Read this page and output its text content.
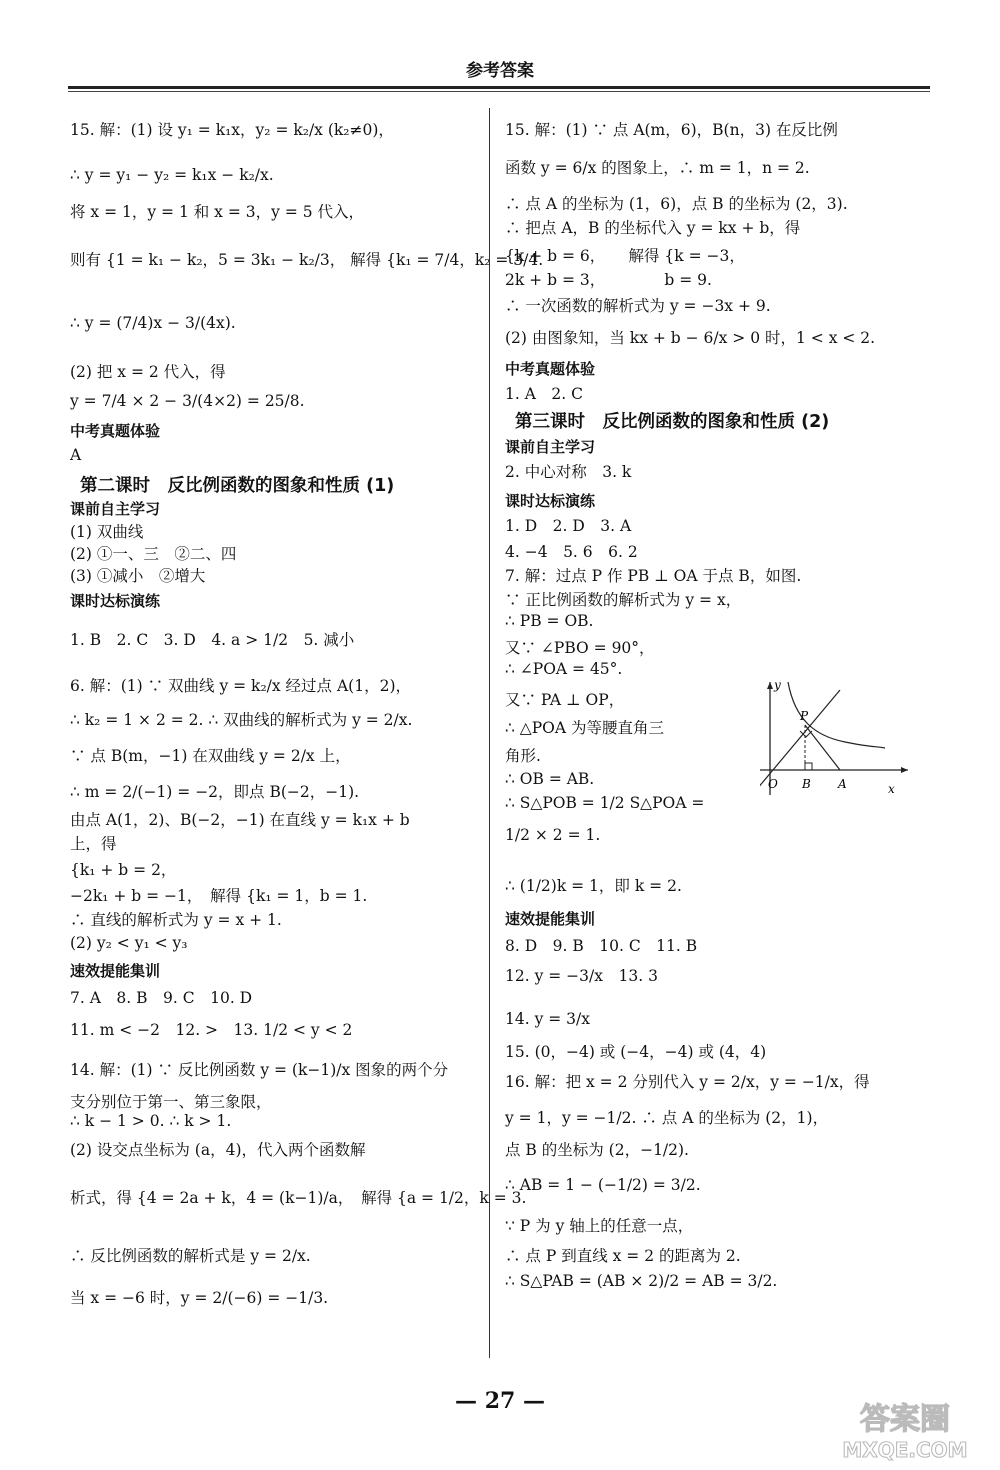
参考答案
15. 解：(1) 设 y₁ = k₁x，y₂ = k₂/x (k₂≠0)，
∴ y = y₁ − y₂ = k₁x − k₂/x.
将 x = 1，y = 1 和 x = 3，y = 5 代入，
则有 {1 = k₁ − k₂，5 = 3k₁ − k₂/3， 解得 {k₁ = 7/4，k₂ = 3/4.
∴ y = (7/4)x − 3/(4x).
(2) 把 x = 2 代入，得
y = 7/4 × 2 − 3/(4×2) = 25/8.
中考真题体验
A
第二课时　反比例函数的图象和性质 (1)
课前自主学习
(1) 双曲线
(2) ①一、三　②二、四
(3) ①减小　②增大
课时达标演练
1. B　2. C　3. D　4. a > 1/2　5. 减小
6. 解：(1) ∵ 双曲线 y = k₂/x 经过点 A(1，2)，
∴ k₂ = 1 × 2 = 2. ∴ 双曲线的解析式为 y = 2/x.
∵ 点 B(m，−1) 在双曲线 y = 2/x 上，
∴ m = 2/(−1) = −2，即点 B(−2，−1).
由点 A(1，2)、B(−2，−1) 在直线 y = k₁x + b
上，得
{k₁ + b = 2，
−2k₁ + b = −1，　解得 {k₁ = 1，b = 1.
∴ 直线的解析式为 y = x + 1.
(2) y₂ < y₁ < y₃
速效提能集训
7. A　8. B　9. C　10. D
11. m < −2　12. >　13. 1/2 < y < 2
14. 解：(1) ∵ 反比例函数 y = (k−1)/x 图象的两个分
支分别位于第一、第三象限，
∴ k − 1 > 0. ∴ k > 1.
(2) 设交点坐标为 (a，4)，代入两个函数解
析式，得 {4 = 2a + k，4 = (k−1)/a，　解得 {a = 1/2，k = 3.
∴ 反比例函数的解析式是 y = 2/x.
当 x = −6 时，y = 2/(−6) = −1/3.
15. 解：(1) ∵ 点 A(m，6)，B(n，3) 在反比例
函数 y = 6/x 的图象上，∴ m = 1，n = 2.
∴ 点 A 的坐标为 (1，6)，点 B 的坐标为 (2，3).
∴ 把点 A，B 的坐标代入 y = kx + b，得
{k + b = 6，　　解得 {k = −3，
2k + b = 3，　　　　 b = 9.
∴ 一次函数的解析式为 y = −3x + 9.
(2) 由图象知，当 kx + b − 6/x > 0 时，1 < x < 2.
中考真题体验
1. A　2. C
第三课时　反比例函数的图象和性质 (2)
课前自主学习
2. 中心对称　3. k
课时达标演练
1. D　2. D　3. A
4. −4　5. 6　6. 2
7. 解：过点 P 作 PB ⊥ OA 于点 B，如图.
∵ 正比例函数的解析式为 y = x，
∴ PB = OB.
又∵ ∠PBO = 90°，
∴ ∠POA = 45°.
又∵ PA ⊥ OP，
∴ △POA 为等腰直角三
角形.
∴ OB = AB.
∴ S△POB = 1/2 S△POA =
1/2 × 2 = 1.
∴ (1/2)k = 1，即 k = 2.
速效提能集训
8. D　9. B　10. C　11. B
12. y = −3/x　13. 3
14. y = 3/x
15. (0，−4) 或 (−4，−4) 或 (4，4)
16. 解：把 x = 2 分别代入 y = 2/x，y = −1/x，得
y = 1，y = −1/2. ∴ 点 A 的坐标为 (2，1)，
点 B 的坐标为 (2，−1/2).
∴ AB = 1 − (−1/2) = 3/2.
∵ P 为 y 轴上的任意一点，
∴ 点 P 到直线 x = 2 的距离为 2.
∴ S△PAB = (AB × 2)/2 = AB = 3/2.
y
P
O B A	x
— 27 —
答案圈
MXQE.COM
